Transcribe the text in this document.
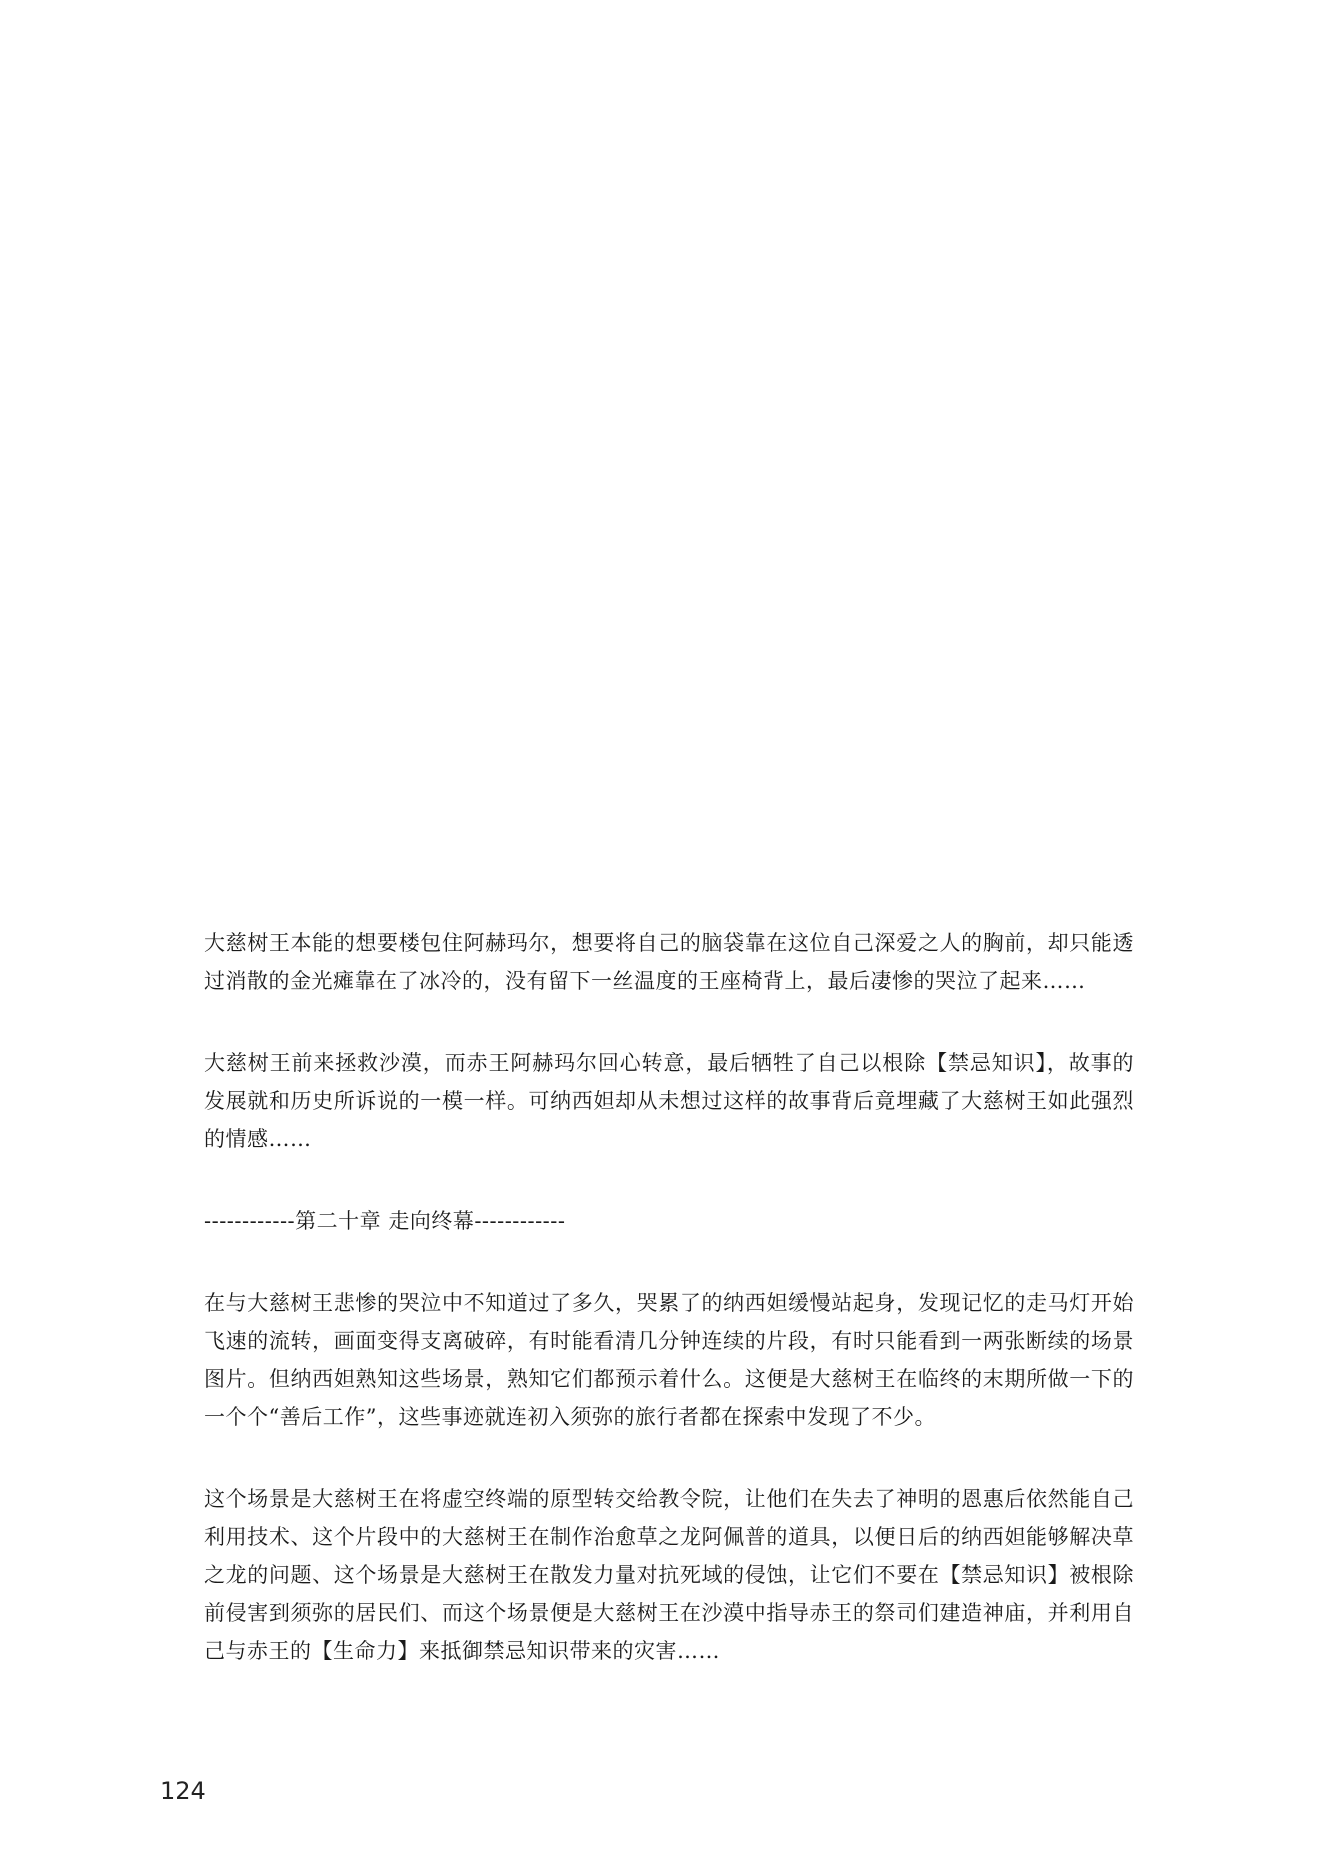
大慈树王本能的想要楼包住阿赫玛尔，想要将自己的脑袋靠在这位自己深爱之人的胸前，却只能透过消散的金光瘫靠在了冰冷的，没有留下一丝温度的王座椅背上，最后凄惨的哭泣了起来……

大慈树王前来拯救沙漠，而赤王阿赫玛尔回心转意，最后牺牲了自己以根除【禁忌知识】，故事的发展就和历史所诉说的一模一样。可纳西妲却从未想过这样的故事背后竟埋藏了大慈树王如此强烈的情感……

------------第二十章 走向终幕------------

在与大慈树王悲惨的哭泣中不知道过了多久，哭累了的纳西妲缓慢站起身，发现记忆的走马灯开始飞速的流转，画面变得支离破碎，有时能看清几分钟连续的片段，有时只能看到一两张断续的场景图片。但纳西妲熟知这些场景，熟知它们都预示着什么。这便是大慈树王在临终的末期所做一下的一个个“善后工作”，这些事迹就连初入须弥的旅行者都在探索中发现了不少。

这个场景是大慈树王在将虚空终端的原型转交给教令院，让他们在失去了神明的恩惠后依然能自己利用技术、这个片段中的大慈树王在制作治愈草之龙阿佩普的道具，以便日后的纳西妲能够解决草之龙的问题、这个场景是大慈树王在散发力量对抗死域的侵蚀，让它们不要在【禁忌知识】被根除前侵害到须弥的居民们、而这个场景便是大慈树王在沙漠中指导赤王的祭司们建造神庙，并利用自己与赤王的【生命力】来抵御禁忌知识带来的灾害……

124
